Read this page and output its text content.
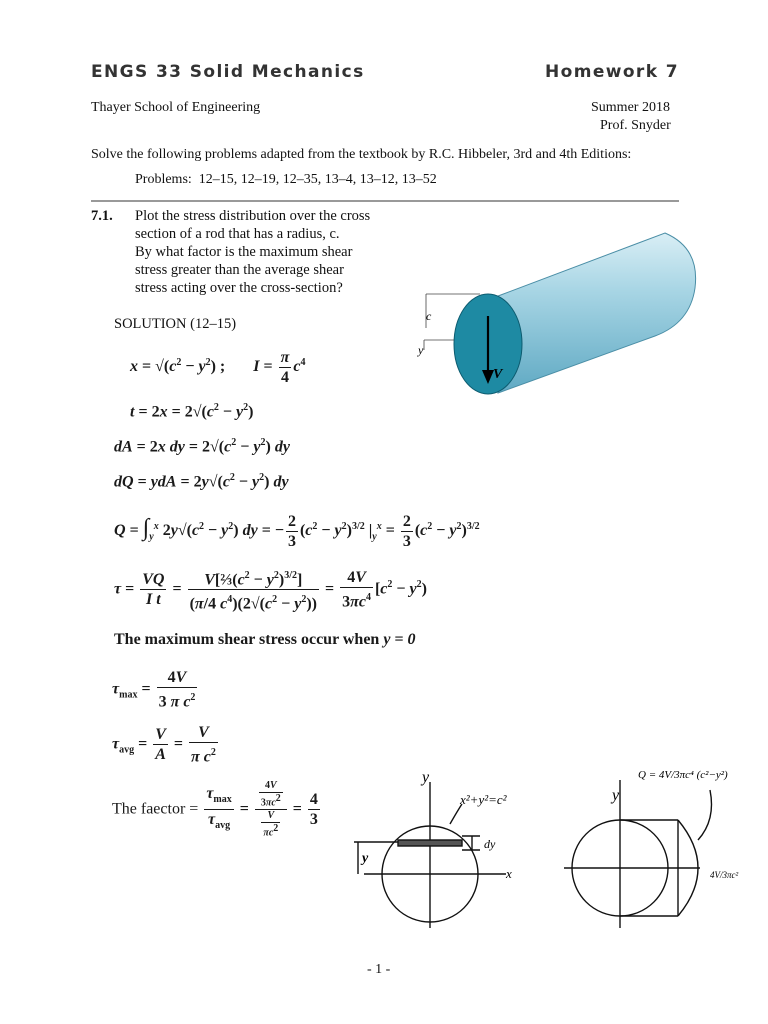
ENGS 33 Solid Mechanics	Homework 7
Thayer School of Engineering	Summer 2018
Prof. Snyder
Solve the following problems adapted from the textbook by R.C. Hibbeler, 3rd and 4th Editions:
Problems:  12–15, 12–19, 12–35, 13–4, 13–12, 13–52
7.1. Plot the stress distribution over the cross
section of a rod that has a radius, c.
By what factor is the maximum shear
stress greater than the average shear
stress acting over the cross-section?
V
c
y
SOLUTION (12–15)
$x = √(c^2 - y^2)$ ;       $I = \frac{\pi}{4} c^4$
$t = 2x = 2√(c^2 - y^2)$
dA = 2x dy = $2√(c^2 - y^2)$ dy
dQ = ydA = $2y√(c^2 - y^2)$ dy
$Q = \int_y^x$ $2y√(c^2 - y^2)$ dy = − $\frac{2}{3} (c^2 - y^2)^{3/2}$ $|_y^x = \frac{2}{3} (c^2 - y^2)^{3/2}$
$\tau = \frac{VQ}{\text{I t}} = \frac{V[\frac{2}{3}(c^2 - y^2)^{3/2}]}{(\pi/4 c^4)(2√(c^2 - y^2))} = \frac{4V}{3\pi c^4} [c^2 - y^2)$
The maximum shear stress occur when y = 0
$\tau_{max} = \frac{4V}{3 \pi c^2}$
$\tau_{avg} = \frac{V}{A} = \frac{V}{\pi c^2}$
The faector = $\frac{\tau_{max}}{\tau_{avg}} = \frac{\frac{4V}{3\pi c^2}}{\frac{V}{\pi c^2}} = \frac{4}{3}$
y
x
x²+y²=c²
dy
y
y
Q = 4V/3πc⁴ (c²−y²)
4V/3πc²
- 1 -
